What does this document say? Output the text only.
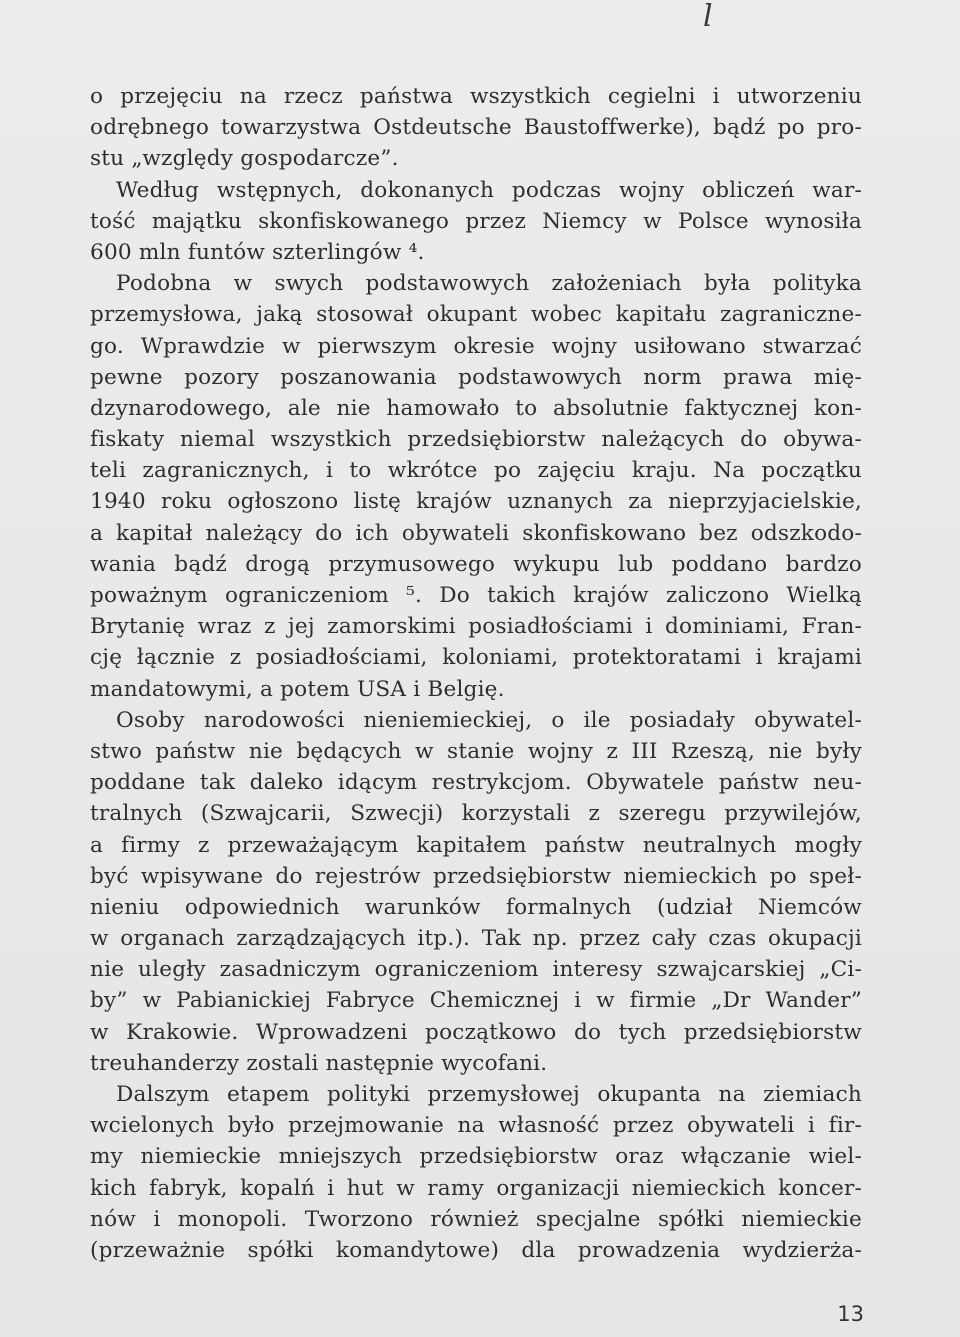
l
o przejęciu na rzecz państwa wszystkich cegielni i utworzeniu
odrębnego towarzystwa Ostdeutsche Baustoffwerke), bądź po pro-
stu „względy gospodarcze”.
Według wstępnych, dokonanych podczas wojny obliczeń war-
tość majątku skonfiskowanego przez Niemcy w Polsce wynosiła
600 mln funtów szterlingów ⁴.
Podobna w swych podstawowych założeniach była polityka
przemysłowa, jaką stosował okupant wobec kapitału zagraniczne-
go. Wprawdzie w pierwszym okresie wojny usiłowano stwarzać
pewne pozory poszanowania podstawowych norm prawa mię-
dzynarodowego, ale nie hamowało to absolutnie faktycznej kon-
fiskaty niemal wszystkich przedsiębiorstw należących do obywa-
teli zagranicznych, i to wkrótce po zajęciu kraju. Na początku
1940 roku ogłoszono listę krajów uznanych za nieprzyjacielskie,
a kapitał należący do ich obywateli skonfiskowano bez odszkodo-
wania bądź drogą przymusowego wykupu lub poddano bardzo
poważnym ograniczeniom ⁵. Do takich krajów zaliczono Wielką
Brytanię wraz z jej zamorskimi posiadłościami i dominiami, Fran-
cję łącznie z posiadłościami, koloniami, protektoratami i krajami
mandatowymi, a potem USA i Belgię.
Osoby narodowości nieniemieckiej, o ile posiadały obywatel-
stwo państw nie będących w stanie wojny z III Rzeszą, nie były
poddane tak daleko idącym restrykcjom. Obywatele państw neu-
tralnych (Szwajcarii, Szwecji) korzystali z szeregu przywilejów,
a firmy z przeważającym kapitałem państw neutralnych mogły
być wpisywane do rejestrów przedsiębiorstw niemieckich po speł-
nieniu odpowiednich warunków formalnych (udział Niemców
w organach zarządzających itp.). Tak np. przez cały czas okupacji
nie uległy zasadniczym ograniczeniom interesy szwajcarskiej „Ci-
by” w Pabianickiej Fabryce Chemicznej i w firmie „Dr Wander”
w Krakowie. Wprowadzeni początkowo do tych przedsiębiorstw
treuhanderzy zostali następnie wycofani.
Dalszym etapem polityki przemysłowej okupanta na ziemiach
wcielonych było przejmowanie na własność przez obywateli i fir-
my niemieckie mniejszych przedsiębiorstw oraz włączanie wiel-
kich fabryk, kopalń i hut w ramy organizacji niemieckich koncer-
nów i monopoli. Tworzono również specjalne spółki niemieckie
(przeważnie spółki komandytowe) dla prowadzenia wydzierża-
13
